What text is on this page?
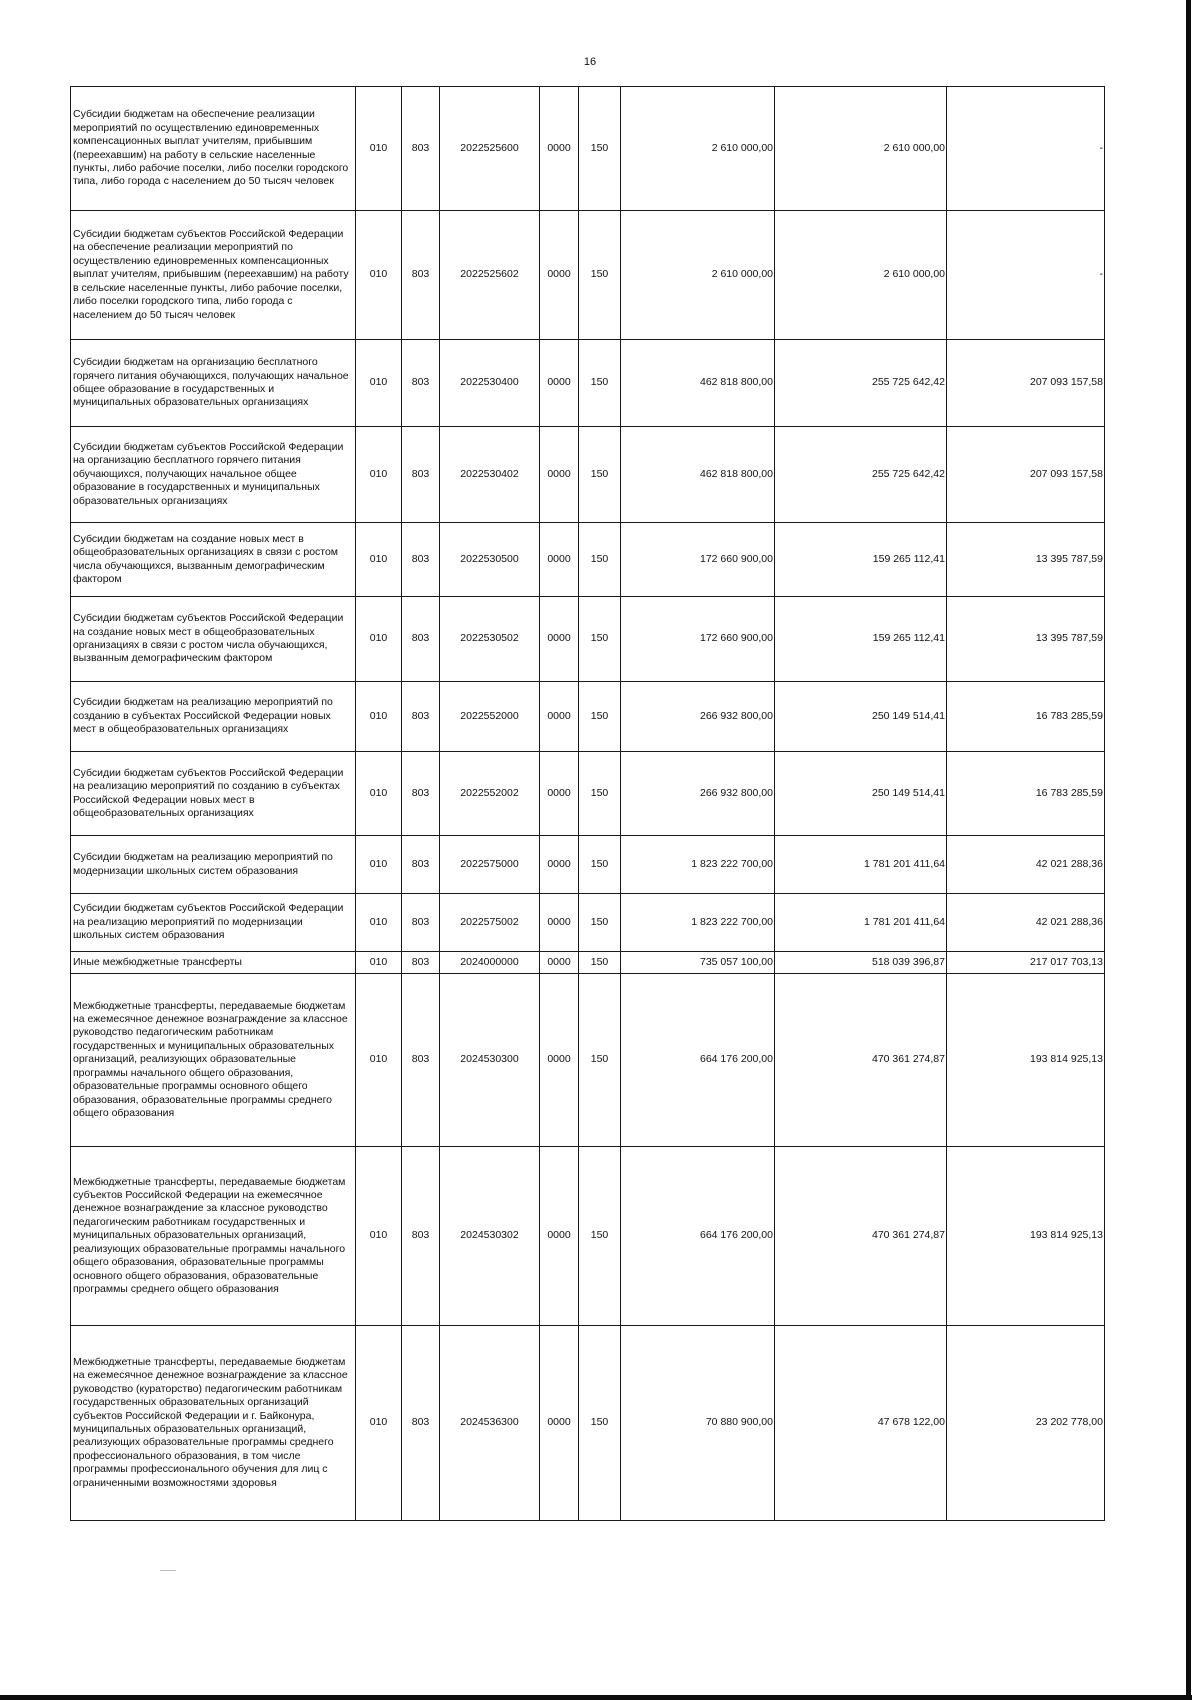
16
Субсидии бюджетам на обеспечение реализации мероприятий по осуществлению единовременных компенсационных выплат учителям, прибывшим (переехавшим) на работу в сельские населенные пункты, либо рабочие поселки, либо поселки городского типа, либо города с населением до 50 тысяч человек	010	803	2022525600	0000	150	2 610 000,00	2 610 000,00	-
Субсидии бюджетам субъектов Российской Федерации на обеспечение реализации мероприятий по осуществлению единовременных компенсационных выплат учителям, прибывшим (переехавшим) на работу в сельские населенные пункты, либо рабочие поселки, либо поселки городского типа, либо города с населением до 50 тысяч человек	010	803	2022525602	0000	150	2 610 000,00	2 610 000,00	-
Субсидии бюджетам на организацию бесплатного горячего питания обучающихся, получающих начальное общее образование в государственных и муниципальных образовательных организациях	010	803	2022530400	0000	150	462 818 800,00	255 725 642,42	207 093 157,58
Субсидии бюджетам субъектов Российской Федерации на организацию бесплатного горячего питания обучающихся, получающих начальное общее образование в государственных и муниципальных образовательных организациях	010	803	2022530402	0000	150	462 818 800,00	255 725 642,42	207 093 157,58
Субсидии бюджетам на создание новых мест в общеобразовательных организациях в связи с ростом числа обучающихся, вызванным демографическим фактором	010	803	2022530500	0000	150	172 660 900,00	159 265 112,41	13 395 787,59
Субсидии бюджетам субъектов Российской Федерации на создание новых мест в общеобразовательных организациях в связи с ростом числа обучающихся, вызванным демографическим фактором	010	803	2022530502	0000	150	172 660 900,00	159 265 112,41	13 395 787,59
Субсидии бюджетам на реализацию мероприятий по созданию в субъектах Российской Федерации новых мест в общеобразовательных организациях	010	803	2022552000	0000	150	266 932 800,00	250 149 514,41	16 783 285,59
Субсидии бюджетам субъектов Российской Федерации на реализацию мероприятий по созданию в субъектах Российской Федерации новых мест в общеобразовательных организациях	010	803	2022552002	0000	150	266 932 800,00	250 149 514,41	16 783 285,59
Субсидии бюджетам на реализацию мероприятий по модернизации школьных систем образования	010	803	2022575000	0000	150	1 823 222 700,00	1 781 201 411,64	42 021 288,36
Субсидии бюджетам субъектов Российской Федерации на реализацию мероприятий по модернизации школьных систем образования	010	803	2022575002	0000	150	1 823 222 700,00	1 781 201 411,64	42 021 288,36
Иные межбюджетные трансферты	010	803	2024000000	0000	150	735 057 100,00	518 039 396,87	217 017 703,13
Межбюджетные трансферты, передаваемые бюджетам на ежемесячное денежное вознаграждение за классное руководство педагогическим работникам государственных и муниципальных образовательных организаций, реализующих образовательные программы начального общего образования, образовательные программы основного общего образования, образовательные программы среднего общего образования	010	803	2024530300	0000	150	664 176 200,00	470 361 274,87	193 814 925,13
Межбюджетные трансферты, передаваемые бюджетам субъектов Российской Федерации на ежемесячное денежное вознаграждение за классное руководство педагогическим работникам государственных и муниципальных образовательных организаций, реализующих образовательные программы начального общего образования, образовательные программы основного общего образования, образовательные программы среднего общего образования	010	803	2024530302	0000	150	664 176 200,00	470 361 274,87	193 814 925,13
Межбюджетные трансферты, передаваемые бюджетам на ежемесячное денежное вознаграждение за классное руководство (кураторство) педагогическим работникам государственных образовательных организаций субъектов Российской Федерации и г. Байконура, муниципальных образовательных организаций, реализующих образовательные программы среднего профессионального образования, в том числе программы профессионального обучения для лиц с ограниченными возможностями здоровья	010	803	2024536300	0000	150	70 880 900,00	47 678 122,00	23 202 778,00
